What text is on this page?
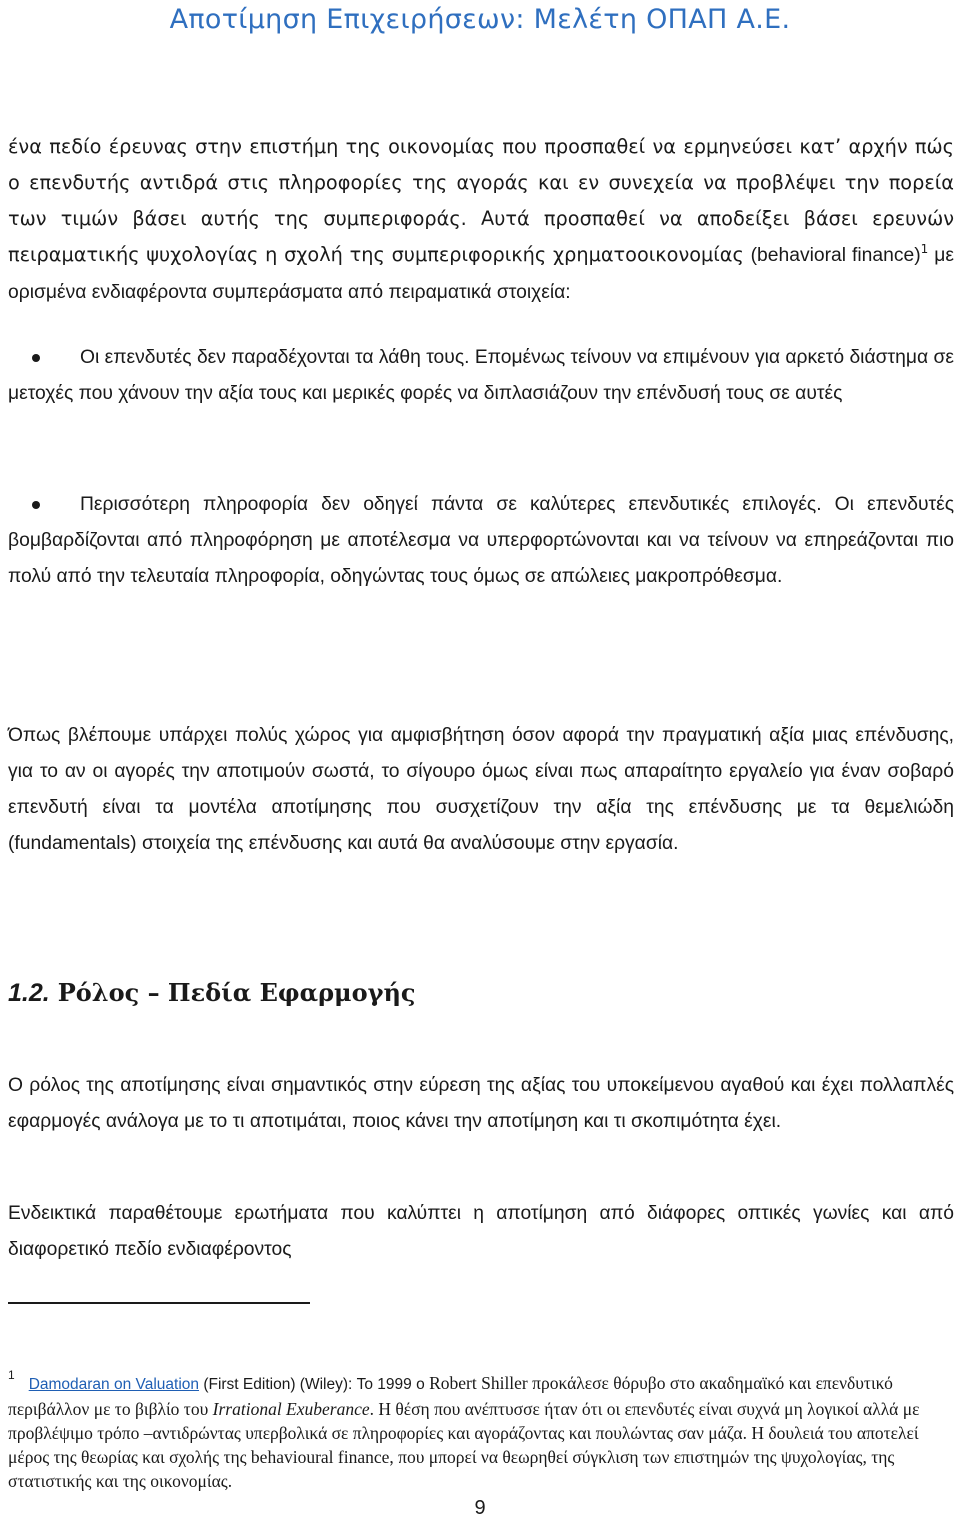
Αποτίμηση Επιχειρήσεων: Μελέτη ΟΠΑΠ Α.Ε.

ένα πεδίο έρευνας στην επιστήμη της οικονομίας που προσπαθεί να ερμηνεύσει κατ’ αρχήν πώς ο επενδυτής αντιδρά στις πληροφορίες της αγοράς και εν συνεχεία να προβλέψει την πορεία των τιμών βάσει αυτής της συμπεριφοράς. Αυτά προσπαθεί να αποδείξει βάσει ερευνών πειραματικής ψυχολογίας η σχολή της συμπεριφορικής χρηματοοικονομίας (behavioral finance)$^1$ με ορισμένα ενδιαφέροντα συμπεράσματα από πειραματικά στοιχεία:

Οι επενδυτές δεν παραδέχονται τα λάθη τους. Επομένως τείνουν να επιμένουν για αρκετό διάστημα σε μετοχές που χάνουν την αξία τους και μερικές φορές να διπλασιάζουν την επένδυσή τους σε αυτές

Περισσότερη πληροφορία δεν οδηγεί πάντα σε καλύτερες επενδυτικές επιλογές. Οι επενδυτές βομβαρδίζονται από πληροφόρηση με αποτέλεσμα να υπερφορτώνονται και να τείνουν να επηρεάζονται πιο πολύ από την τελευταία πληροφορία, οδηγώντας τους όμως σε απώλειες μακροπρόθεσμα.

Όπως βλέπουμε υπάρχει πολύς χώρος για αμφισβήτηση όσον αφορά την πραγματική αξία μιας επένδυσης, για το αν οι αγορές την αποτιμούν σωστά, το σίγουρο όμως είναι πως απαραίτητο εργαλείο για έναν σοβαρό επενδυτή είναι τα μοντέλα αποτίμησης που συσχετίζουν την αξία της επένδυσης με τα θεμελιώδη (fundamentals) στοιχεία της επένδυσης και αυτά θα αναλύσουμε στην εργασία.

1.2. Ρόλος – Πεδία Εφαρμογής

Ο ρόλος της αποτίμησης είναι σημαντικός στην εύρεση της αξίας του υποκείμενου αγαθού και έχει πολλαπλές εφαρμογές ανάλογα με το τι αποτιμάται, ποιος κάνει την αποτίμηση και τι σκοπιμότητα έχει.

Ενδεικτικά παραθέτουμε ερωτήματα που καλύπτει η αποτίμηση από διάφορες οπτικές γωνίες και από διαφορετικό πεδίο ενδιαφέροντος

$^1$Damodaran on Valuation (First Edition) (Wiley): Το 1999 ο Robert Shiller προκάλεσε θόρυβο στο ακαδημαϊκό και επενδυτικό περιβάλλον με το βιβλίο του Irrational Exuberance. Η θέση που ανέπτυσσε ήταν ότι οι επενδυτές είναι συχνά μη λογικοί αλλά με προβλέψιμο τρόπο –αντιδρώντας υπερβολικά σε πληροφορίες και αγοράζοντας και πουλώντας σαν μάζα. Η δουλειά του αποτελεί μέρος της θεωρίας και σχολής της behavioural finance, που μπορεί να θεωρηθεί σύγκλιση των επιστημών της ψυχολογίας, της στατιστικής και της οικονομίας.

9
